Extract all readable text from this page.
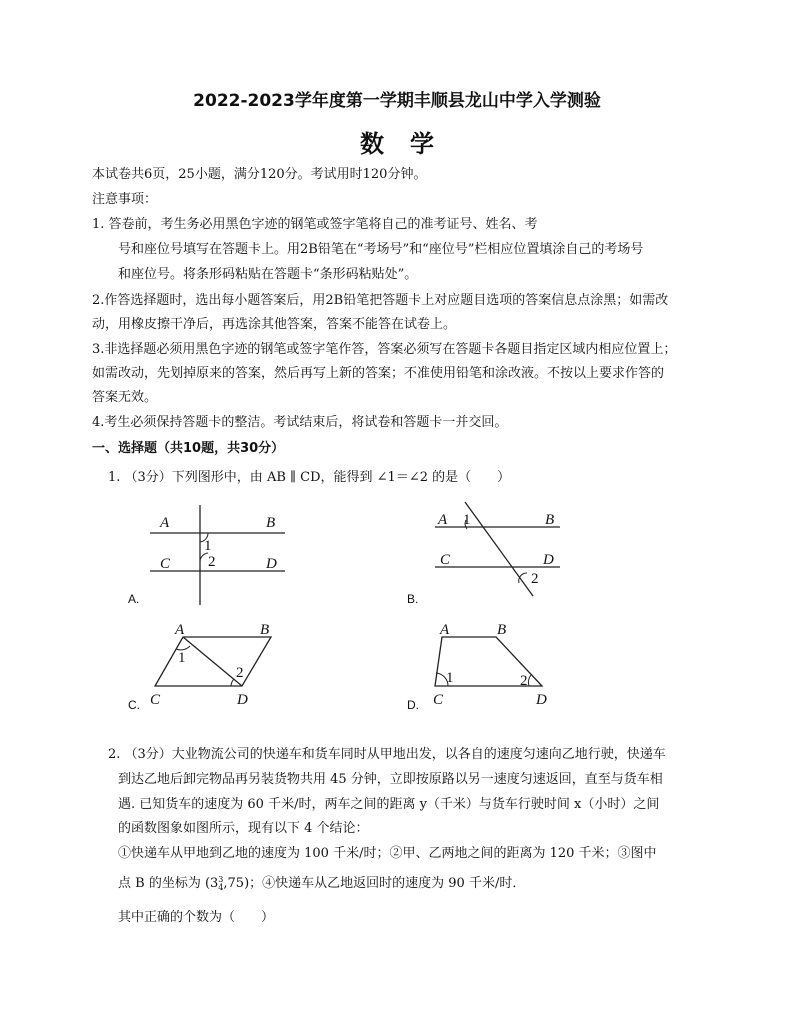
2022-2023学年度第一学期丰顺县龙山中学入学测验
数学
本试卷共6页，25小题，满分120分。考试用时120分钟。
注意事项：
1. 答卷前，考生务必用黑色字迹的钢笔或签字笔将自己的准考证号、姓名、考
号和座位号填写在答题卡上。用2B铅笔在“考场号”和“座位号”栏相应位置填涂自己的考场号
和座位号。将条形码粘贴在答题卡“条形码粘贴处”。
2.作答选择题时，选出每小题答案后，用2B铅笔把答题卡上对应题目选项的答案信息点涂黑；如需改
动，用橡皮擦干净后，再选涂其他答案，答案不能答在试卷上。
3.非选择题必须用黑色字迹的钢笔或签字笔作答，答案必须写在答题卡各题目指定区域内相应位置上；
如需改动，先划掉原来的答案，然后再写上新的答案；不准使用铅笔和涂改液。不按以上要求作答的
答案无效。
4.考生必须保持答题卡的整洁。考试结束后，将试卷和答题卡一并交回。
一、选择题（共10题，共30分）
1. （3分）下列图形中，由 AB ∥ CD，能得到 ∠1＝∠2 的是（　　）
A	B
C	D
1
2
A.
A	B
C	D
1
2
B.
A	B
C	D
1
2
C.
A	B
C	D
1	2
D.
2. （3分）大业物流公司的快递车和货车同时从甲地出发，以各自的速度匀速向乙地行驶，快递车
到达乙地后卸完物品再另装货物共用 45 分钟，立即按原路以另一速度匀速返回，直至与货车相
遇. 已知货车的速度为 60 千米/时，两车之间的距离 y（千米）与货车行驶时间 x（小时）之间
的函数图象如图所示，现有以下 4 个结论：
①快递车从甲地到乙地的速度为 100 千米/时；②甲、乙两地之间的距离为 120 千米；③图中
点 B 的坐标为 (33
4,75)；④快递车从乙地返回时的速度为 90 千米/时．
其中正确的个数为（　　）
